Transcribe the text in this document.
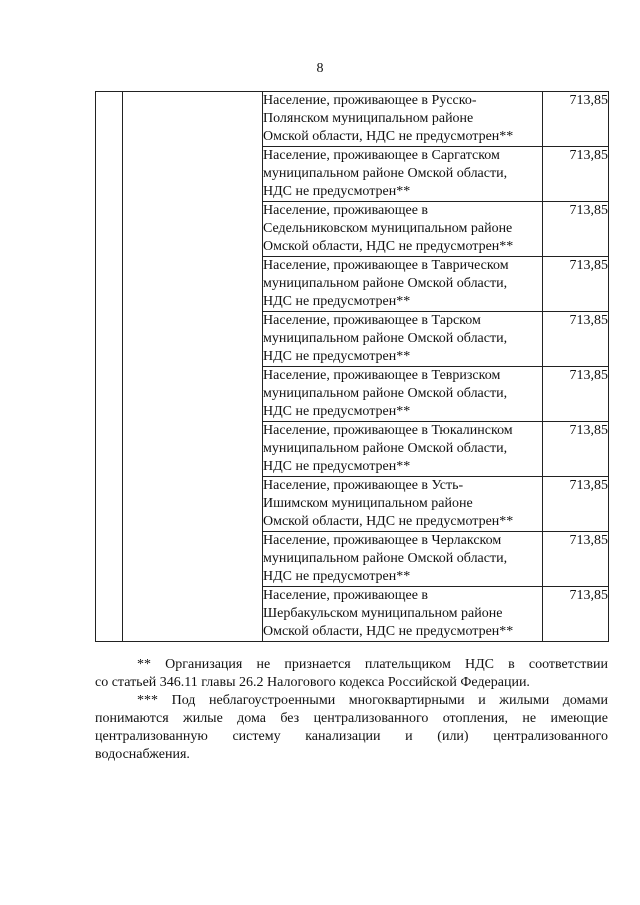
8

		Население, проживающее в Русско-
Полянском муниципальном районе
Омской области, НДС не предусмотрен**	713,85

		Население, проживающее в Саргатском
муниципальном районе Омской области,
НДС не предусмотрен**	713,85

		Население, проживающее в
Седельниковском муниципальном районе
Омской области, НДС не предусмотрен**	713,85

		Население, проживающее в Таврическом
муниципальном районе Омской области,
НДС не предусмотрен**	713,85

		Население, проживающее в Тарском
муниципальном районе Омской области,
НДС не предусмотрен**	713,85

		Население, проживающее в Тевризском
муниципальном районе Омской области,
НДС не предусмотрен**	713,85

		Население, проживающее в Тюкалинском
муниципальном районе Омской области,
НДС не предусмотрен**	713,85

		Население, проживающее в Усть-
Ишимском муниципальном районе
Омской области, НДС не предусмотрен**	713,85

		Население, проживающее в Черлакском
муниципальном районе Омской области,
НДС не предусмотрен**	713,85

		Население, проживающее в
Шербакульском муниципальном районе
Омской области, НДС не предусмотрен**	713,85

** Организация не признается плательщиком НДС в соответствии
со статьей 346.11 главы 26.2 Налогового кодекса Российской Федерации.

*** Под неблагоустроенными многоквартирными и жилыми домами
понимаются жилые дома без централизованного отопления, не имеющие
централизованную систему канализации и (или) централизованного
водоснабжения.
